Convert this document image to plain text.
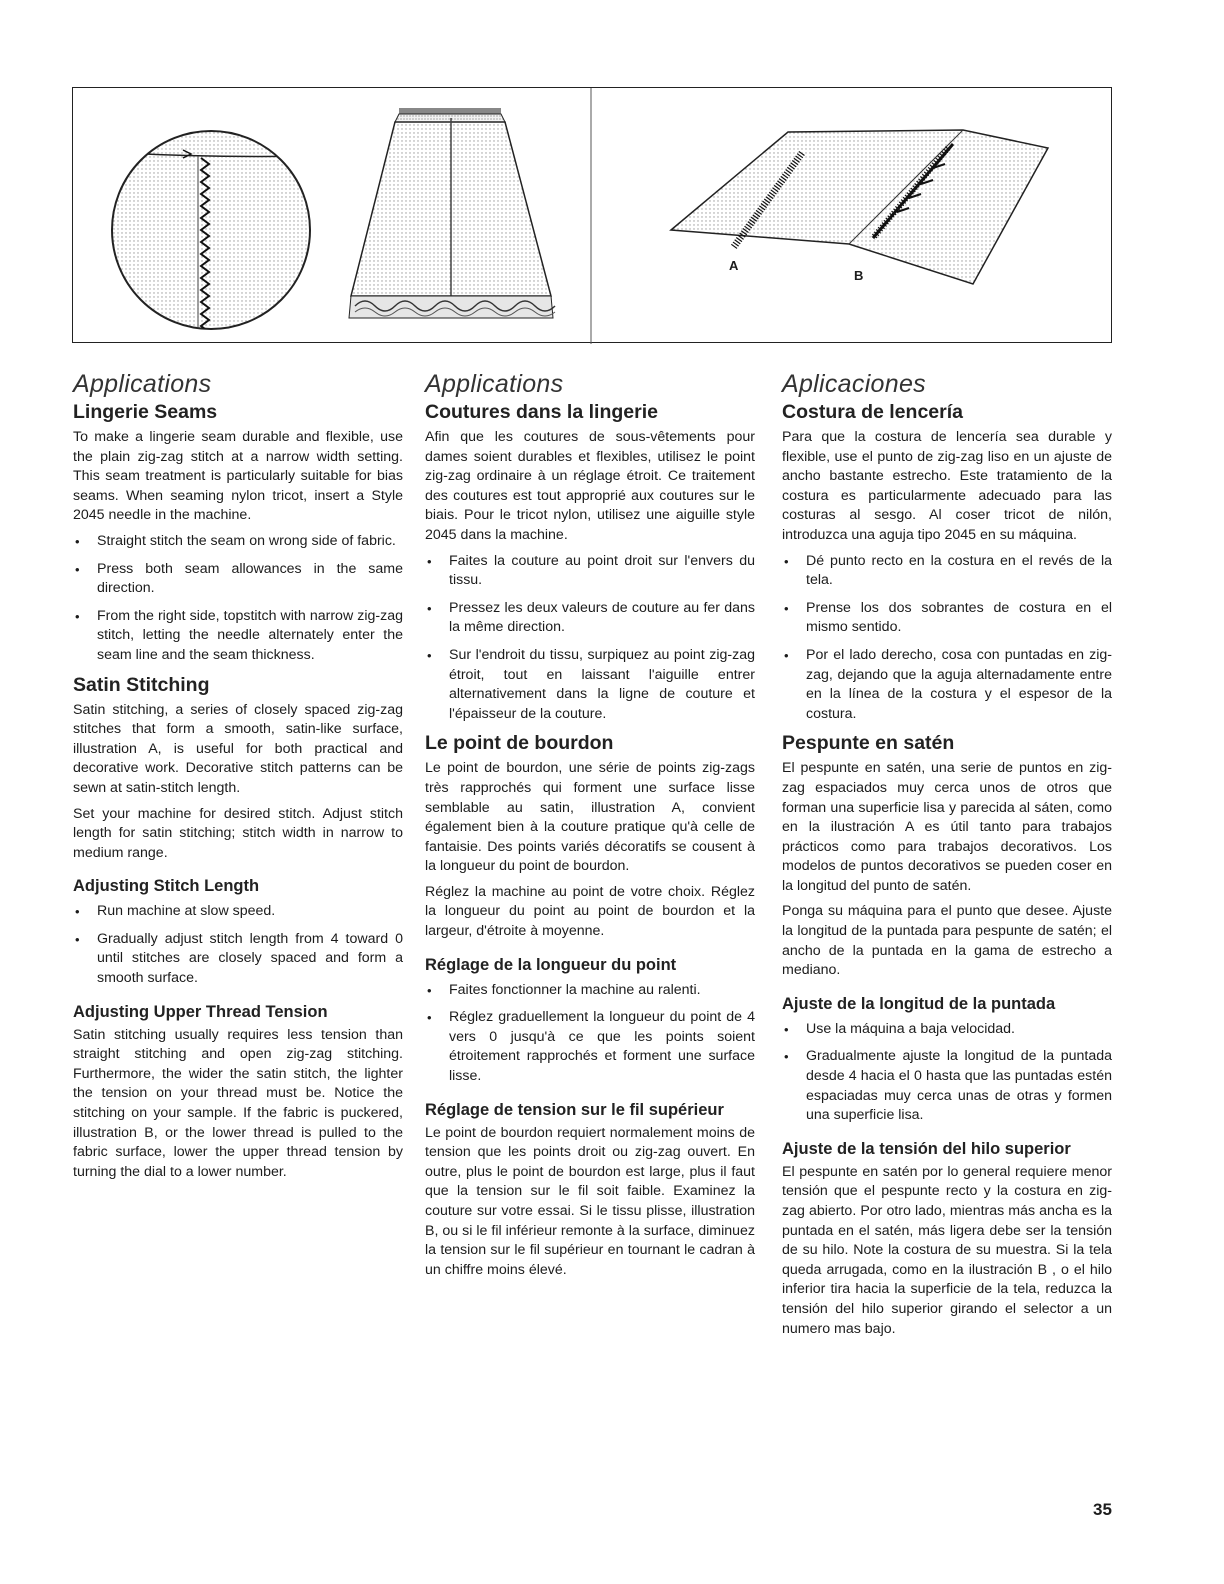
A
B
Applications
Lingerie Seams

To make a lingerie seam durable and flexible, use the plain zig-zag stitch at a narrow width setting. This seam treatment is particularly suitable for bias seams. When seaming nylon tricot, insert a Style 2045 needle in the machine.

• Straight stitch the seam on wrong side of fabric.
• Press both seam allowances in the same direction.
• From the right side, topstitch with narrow zig-zag stitch, letting the needle alternately enter the seam line and the seam thickness.
Satin Stitching

Satin stitching, a series of closely spaced zig-zag stitches that form a smooth, satin-like surface, illustration A, is useful for both practical and decorative work. Decorative stitch patterns can be sewn at satin-stitch length.

Set your machine for desired stitch. Adjust stitch length for satin stitching; stitch width in narrow to medium range.

Adjusting Stitch Length
• Run machine at slow speed.
• Gradually adjust stitch length from 4 toward 0 until stitches are closely spaced and form a smooth surface.
Adjusting Upper Thread Tension

Satin stitching usually requires less tension than straight stitching and open zig-zag stitching. Furthermore, the wider the satin stitch, the lighter the tension on your thread must be. Notice the stitching on your sample. If the fabric is puckered, illustration B, or the lower thread is pulled to the fabric surface, lower the upper thread tension by turning the dial to a lower number.

Applications
Coutures dans la lingerie

Afin que les coutures de sous-vêtements pour dames soient durables et flexibles, utilisez le point zig-zag ordinaire à un réglage étroit. Ce traitement des coutures est tout approprié aux coutures sur le biais. Pour le tricot nylon, utilisez une aiguille style 2045 dans la machine.

• Faites la couture au point droit sur l'envers du tissu.
• Pressez les deux valeurs de couture au fer dans la même direction.
• Sur l'endroit du tissu, surpiquez au point zig-zag étroit, tout en laissant l'aiguille entrer alternativement dans la ligne de couture et l'épaisseur de la couture.
Le point de bourdon

Le point de bourdon, une série de points zig-zags très rapprochés qui forment une surface lisse semblable au satin, illustration A, convient également bien à la couture pratique qu'à celle de fantaisie. Des points variés décoratifs se cousent à la longueur du point de bourdon.

Réglez la machine au point de votre choix. Réglez la longueur du point au point de bourdon et la largeur, d'étroite à moyenne.

Réglage de la longueur du point
• Faites fonctionner la machine au ralenti.
• Réglez graduellement la longueur du point de 4 vers 0 jusqu'à ce que les points soient étroitement rapprochés et forment une surface lisse.
Réglage de tension sur le fil supérieur

Le point de bourdon requiert normalement moins de tension que les points droit ou zig-zag ouvert. En outre, plus le point de bourdon est large, plus il faut que la tension sur le fil soit faible. Examinez la couture sur votre essai. Si le tissu plisse, illustration B, ou si le fil inférieur remonte à la surface, diminuez la tension sur le fil supérieur en tournant le cadran à un chiffre moins élevé.

Aplicaciones
Costura de lencería

Para que la costura de lencería sea durable y flexible, use el punto de zig-zag liso en un ajuste de ancho bastante estrecho. Este tratamiento de la costura es particularmente adecuado para las costuras al sesgo. Al coser tricot de nilón, introduzca una aguja tipo 2045 en su máquina.

• Dé punto recto en la costura en el revés de la tela.
• Prense los dos sobrantes de costura en el mismo sentido.
• Por el lado derecho, cosa con puntadas en zig-zag, dejando que la aguja alternadamente entre en la línea de la costura y el espesor de la costura.
Pespunte en satén

El pespunte en satén, una serie de puntos en zig-zag espaciados muy cerca unos de otros que forman una superficie lisa y parecida al sáten, como en la ilustración A es útil tanto para trabajos prácticos como para trabajos decorativos. Los modelos de puntos decorativos se pueden coser en la longitud del punto de satén.

Ponga su máquina para el punto que desee. Ajuste la longitud de la puntada para pespunte de satén; el ancho de la puntada en la gama de estrecho a mediano.

Ajuste de la longitud de la puntada
• Use la máquina a baja velocidad.
• Gradualmente ajuste la longitud de la puntada desde 4 hacia el 0 hasta que las puntadas estén espaciadas muy cerca unas de otras y formen una superficie lisa.
Ajuste de la tensión del hilo superior

El pespunte en satén por lo general requiere menor tensión que el pespunte recto y la costura en zig-zag abierto. Por otro lado, mientras más ancha es la puntada en el satén, más ligera debe ser la tensión de su hilo. Note la costura de su muestra. Si la tela queda arrugada, como en la ilustración B , o el hilo inferior tira hacia la superficie de la tela, reduzca la tensión del hilo superior girando el selector a un numero mas bajo.

35
